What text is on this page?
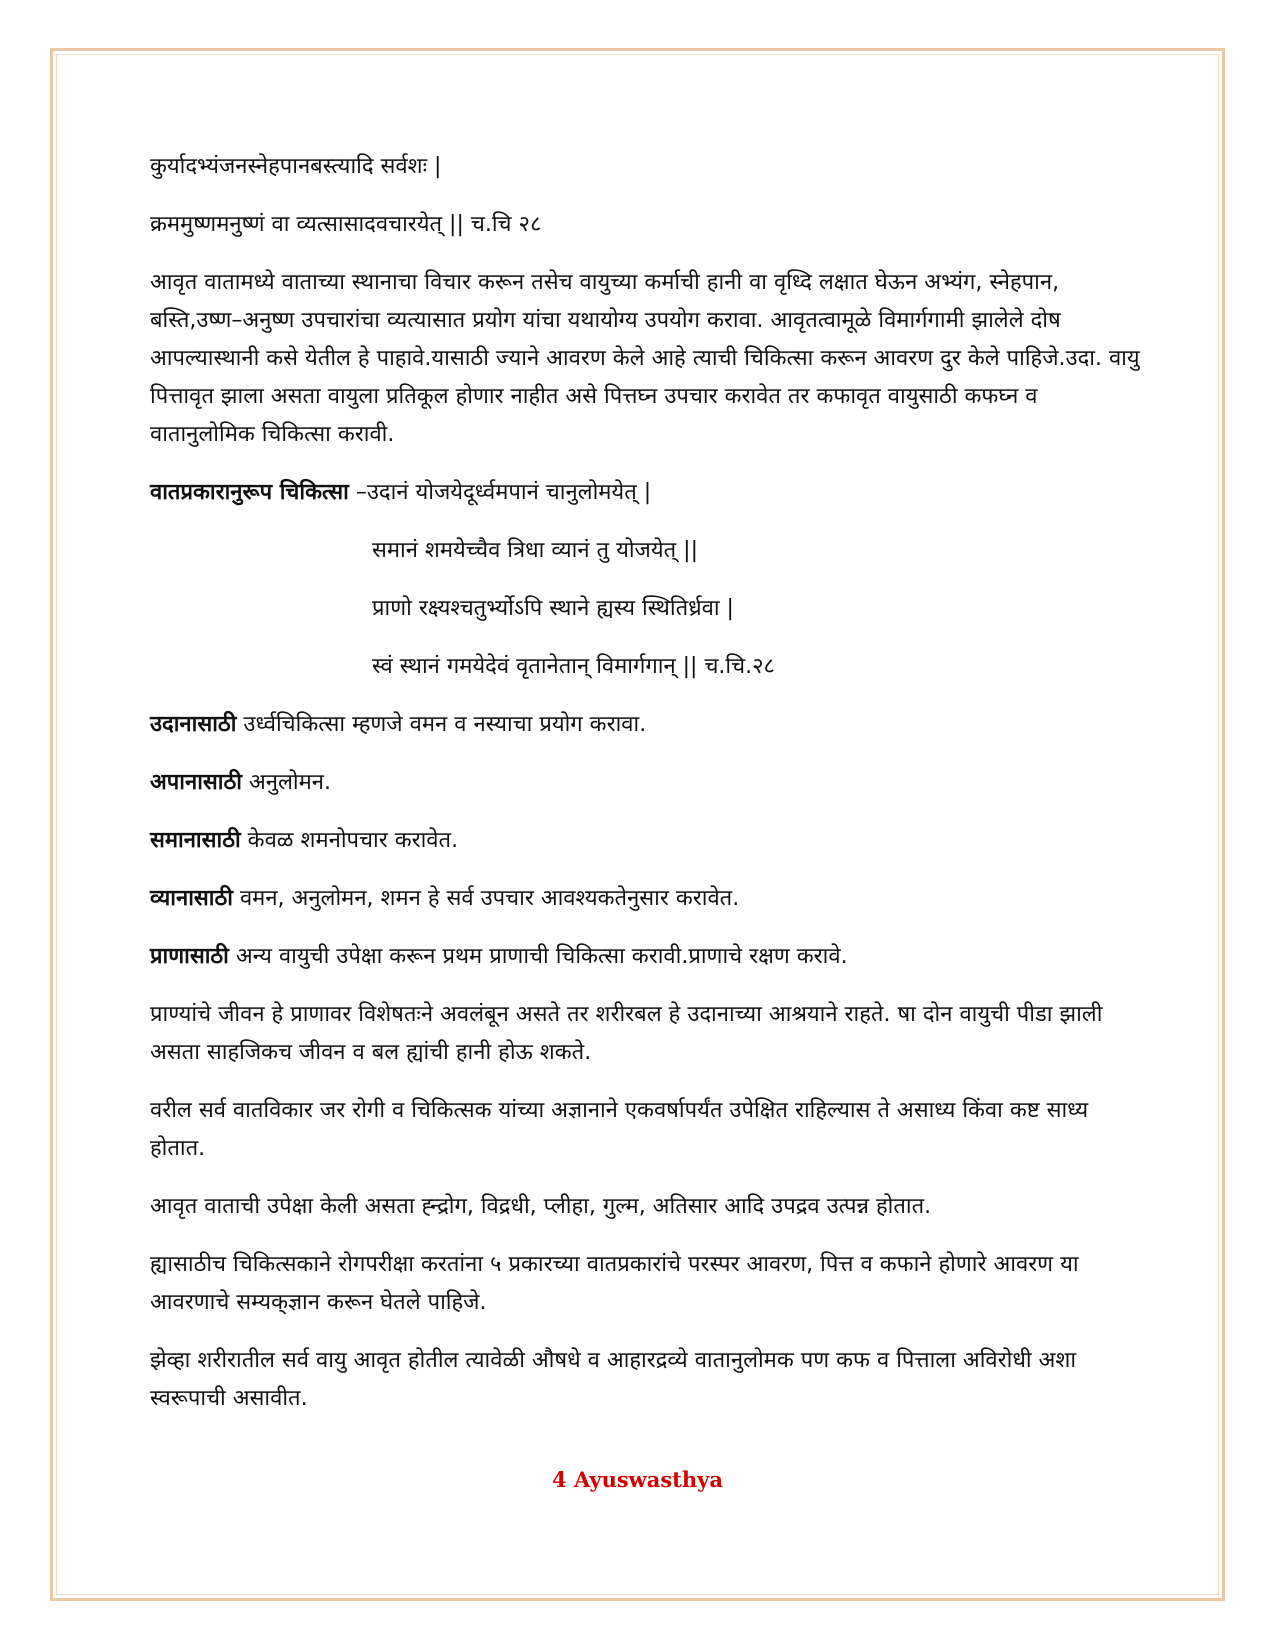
कुर्यादभ्यंजनस्नेहपानबस्त्यादि सर्वशः |

क्रममुष्णमनुष्णं वा व्यत्सासादवचारयेत् || च.चि २८

आवृत वातामध्ये वाताच्या स्थानाचा विचार करून तसेच वायुच्या कर्माची हानी वा वृध्दि लक्षात घेऊन अभ्यंग, स्नेहपान, बस्ति,उष्ण–अनुष्ण उपचारांचा व्यत्यासात प्रयोग यांचा यथायोग्य उपयोग करावा. आवृतत्वामूळे विमार्गगामी झालेले दोष आपल्यास्थानी कसे येतील हे पाहावे.यासाठी ज्याने आवरण केले आहे त्याची चिकित्सा करून आवरण दुर केले पाहिजे.उदा. वायु पित्तावृत झाला असता वायुला प्रतिकूल होणार नाहीत असे पित्तघ्न उपचार करावेत तर कफावृत वायुसाठी कफघ्न व वातानुलोमिक चिकित्सा करावी.

वातप्रकारानुरूप चिकित्सा –उदानं योजयेदूर्ध्वमपानं चानुलोमयेत् |

समानं शमयेच्चैव त्रिधा व्यानं तु योजयेत् ||

प्राणो रक्ष्यश्चतुर्भ्योऽपि स्थाने ह्यस्य स्थितिर्ध्रवा |

स्वं स्थानं गमयेदेवं वृतानेतान् विमार्गगान् || च.चि.२८

उदानासाठी उर्ध्वचिकित्सा म्हणजे वमन व नस्याचा प्रयोग करावा.

अपानासाठी अनुलोमन.

समानासाठी केवळ शमनोपचार करावेत.

व्यानासाठी वमन, अनुलोमन, शमन हे सर्व उपचार आवश्यकतेनुसार करावेत.

प्राणासाठी अन्य वायुची उपेक्षा करून प्रथम प्राणाची चिकित्सा करावी.प्राणाचे रक्षण करावे.

प्राण्यांचे जीवन हे प्राणावर विशेषतःने अवलंबून असते तर शरीरबल हे उदानाच्या आश्रयाने राहते. षा दोन वायुची पीडा झाली असता साहजिकच जीवन व बल ह्यांची हानी होऊ शकते.

वरील सर्व वातविकार जर रोगी व चिकित्सक यांच्या अज्ञानाने एकवर्षापर्यंत उपेक्षित राहिल्यास ते असाध्य किंवा कष्ट साध्य होतात.

आवृत वाताची उपेक्षा केली असता ह्न्द्रोग, विद्रधी, प्लीहा, गुल्म, अतिसार आदि उपद्रव उत्पन्न होतात.

ह्यासाठीच चिकित्सकाने रोगपरीक्षा करतांना ५ प्रकारच्या वातप्रकारांचे परस्पर आवरण, पित्त व कफाने होणारे आवरण या आवरणाचे सम्यक्‌ज्ञान करून घेतले पाहिजे.

झेव्हा शरीरातील सर्व वायु आवृत होतील त्यावेळी औषधे व आहारद्रव्ये वातानुलोमक पण कफ व पित्ताला अविरोधी अशा स्वरूपाची असावीत.

4 Ayuswasthya
